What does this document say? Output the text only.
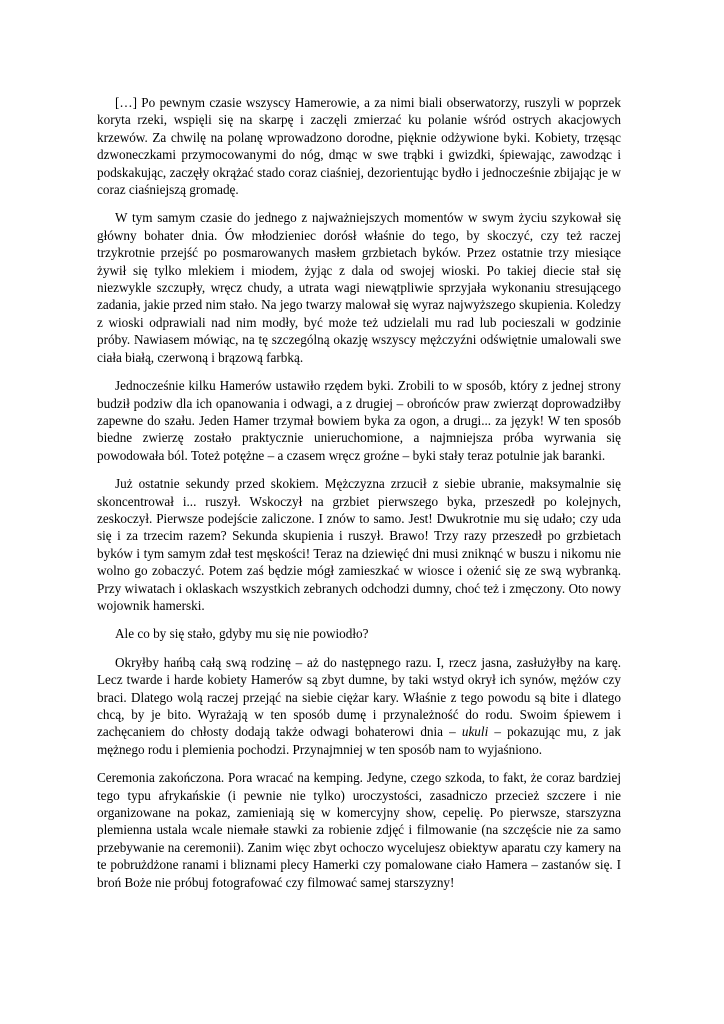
[…] Po pewnym czasie wszyscy Hamerowie, a za nimi biali obserwatorzy, ruszyli w poprzek koryta rzeki, wspięli się na skarpę i zaczęli zmierzać ku polanie wśród ostrych akacjowych krzewów. Za chwilę na polanę wprowadzono dorodne, pięknie odżywione byki. Kobiety, trzęsąc dzwoneczkami przymocowanymi do nóg, dmąc w swe trąbki i gwizdki, śpiewając, zawodząc i podskakując, zaczęły okrążać stado coraz ciaśniej, dezorientując bydło i jednocześnie zbijając je w coraz ciaśniejszą gromadę.

W tym samym czasie do jednego z najważniejszych momentów w swym życiu szykował się główny bohater dnia. Ów młodzieniec dorósł właśnie do tego, by skoczyć, czy też raczej trzykrotnie przejść po posmarowanych masłem grzbietach byków. Przez ostatnie trzy miesiące żywił się tylko mlekiem i miodem, żyjąc z dala od swojej wioski. Po takiej diecie stał się niezwykle szczupły, wręcz chudy, a utrata wagi niewątpliwie sprzyjała wykonaniu stresującego zadania, jakie przed nim stało. Na jego twarzy malował się wyraz najwyższego skupienia. Koledzy z wioski odprawiali nad nim modły, być może też udzielali mu rad lub pocieszali w godzinie próby. Nawiasem mówiąc, na tę szczególną okazję wszyscy mężczyźni odświętnie umalowali swe ciała białą, czerwoną i brązową farbką.

Jednocześnie kilku Hamerów ustawiło rzędem byki. Zrobili to w sposób, który z jednej strony budził podziw dla ich opanowania i odwagi, a z drugiej – obrońców praw zwierząt doprowadziłby zapewne do szału. Jeden Hamer trzymał bowiem byka za ogon, a drugi... za język! W ten sposób biedne zwierzę zostało praktycznie unieruchomione, a najmniejsza próba wyrwania się powodowała ból. Toteż potężne – a czasem wręcz groźne – byki stały teraz potulnie jak baranki.

Już ostatnie sekundy przed skokiem. Mężczyzna zrzucił z siebie ubranie, maksymalnie się skoncentrował i... ruszył. Wskoczył na grzbiet pierwszego byka, przeszedł po kolejnych, zeskoczył. Pierwsze podejście zaliczone. I znów to samo. Jest! Dwukrotnie mu się udało; czy uda się i za trzecim razem? Sekunda skupienia i ruszył. Brawo! Trzy razy przeszedł po grzbietach byków i tym samym zdał test męskości! Teraz na dziewięć dni musi zniknąć w buszu i nikomu nie wolno go zobaczyć. Potem zaś będzie mógł zamieszkać w wiosce i ożenić się ze swą wybranką. Przy wiwatach i oklaskach wszystkich zebranych odchodzi dumny, choć też i zmęczony. Oto nowy wojownik hamerski.

Ale co by się stało, gdyby mu się nie powiodło?

Okryłby hańbą całą swą rodzinę – aż do następnego razu. I, rzecz jasna, zasłużyłby na karę. Lecz twarde i harde kobiety Hamerów są zbyt dumne, by taki wstyd okrył ich synów, mężów czy braci. Dlatego wolą raczej przejąć na siebie ciężar kary. Właśnie z tego powodu są bite i dlatego chcą, by je bito. Wyrażają w ten sposób dumę i przynależność do rodu. Swoim śpiewem i zachęcaniem do chłosty dodają także odwagi bohaterowi dnia – ukuli – pokazując mu, z jak mężnego rodu i plemienia pochodzi. Przynajmniej w ten sposób nam to wyjaśniono.

Ceremonia zakończona. Pora wracać na kemping. Jedyne, czego szkoda, to fakt, że coraz bardziej tego typu afrykańskie (i pewnie nie tylko) uroczystości, zasadniczo przecież szczere i nie organizowane na pokaz, zamieniają się w komercyjny show, cepelię. Po pierwsze, starszyzna plemienna ustala wcale niemałe stawki za robienie zdjęć i filmowanie (na szczęście nie za samo przebywanie na ceremonii). Zanim więc zbyt ochoczo wycelujesz obiektyw aparatu czy kamery na te pobrużdżone ranami i bliznami plecy Hamerki czy pomalowane ciało Hamera – zastanów się. I broń Boże nie próbuj fotografować czy filmować samej starszyzny!
